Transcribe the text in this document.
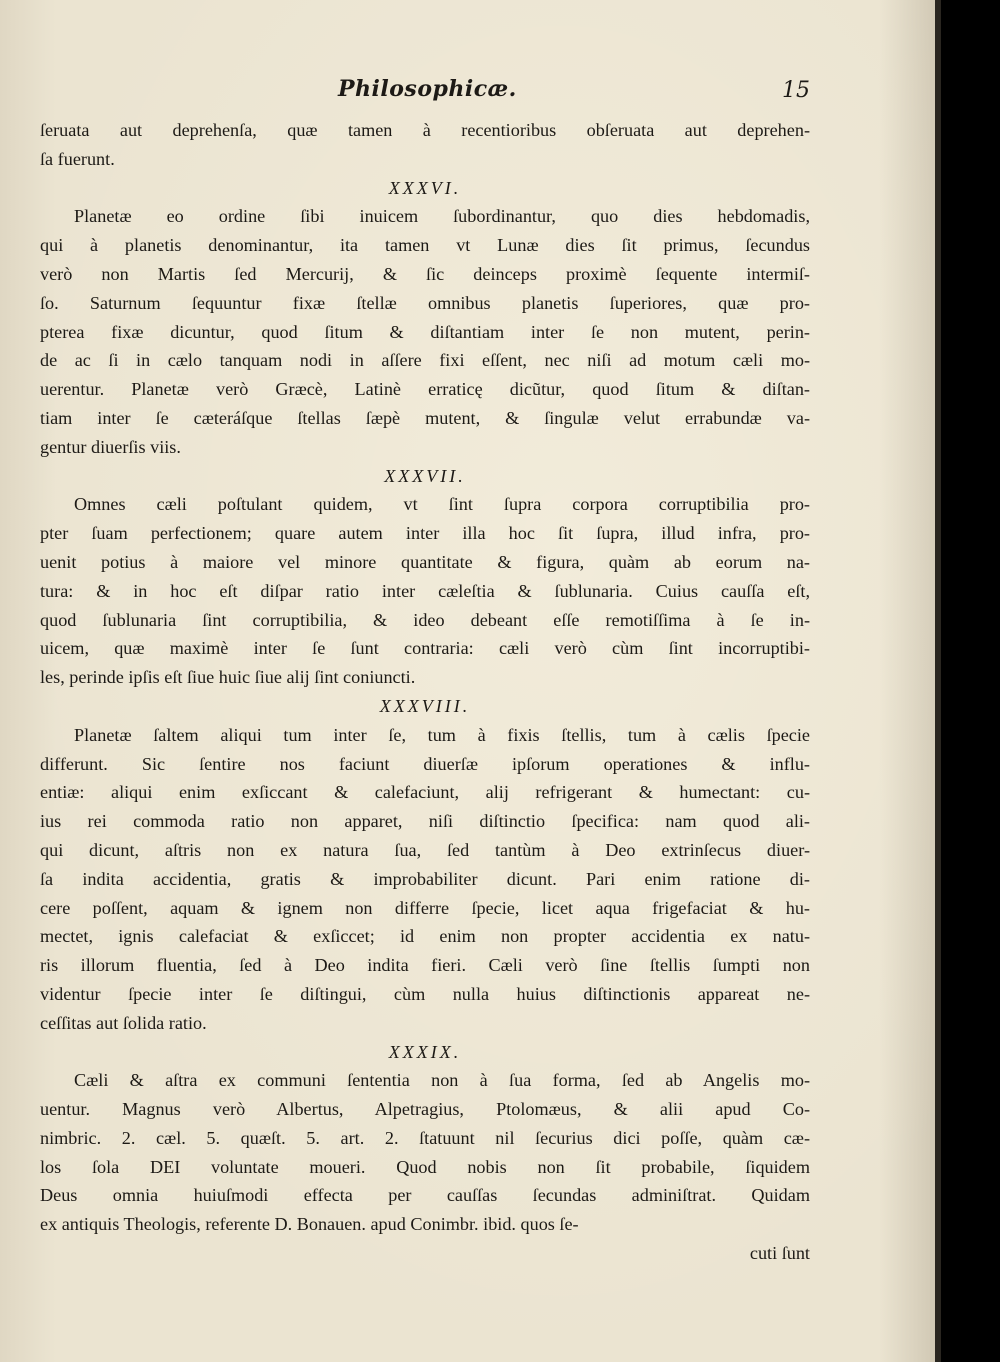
Philosophicæ.	15
ſeruata aut deprehenſa, quæ tamen à recentioribus obſeruata aut deprehen-
ſa fuerunt.
XXXVI.
Planetæ eo ordine ſibi inuicem ſubordinantur, quo dies hebdomadis,
qui à planetis denominantur, ita tamen vt Lunæ dies ſit primus, ſecundus
verò non Martis ſed Mercurij, & ſic deinceps proximè ſequente intermiſ-
ſo. Saturnum ſequuntur fixæ ſtellæ omnibus planetis ſuperiores, quæ pro-
pterea fixæ dicuntur, quod ſitum & diſtantiam inter ſe non mutent, perin-
de ac ſi in cælo tanquam nodi in aſſere fixi eſſent, nec niſi ad motum cæli mo-
uerentur. Planetæ verò Græcè, Latinè erraticę dicũtur, quod ſitum & diſtan-
tiam inter ſe cæteráſque ſtellas ſæpè mutent, & ſingulæ velut errabundæ va-
gentur diuerſis viis.
XXXVII.
Omnes cæli poſtulant quidem, vt ſint ſupra corpora corruptibilia pro-
pter ſuam perfectionem; quare autem inter illa hoc ſit ſupra, illud infra, pro-
uenit potius à maiore vel minore quantitate & figura, quàm ab eorum na-
tura: & in hoc eſt diſpar ratio inter cæleſtia & ſublunaria. Cuius cauſſa eſt,
quod ſublunaria ſint corruptibilia, & ideo debeant eſſe remotiſſima à ſe in-
uicem, quæ maximè inter ſe ſunt contraria: cæli verò cùm ſint incorruptibi-
les, perinde ipſis eſt ſiue huic ſiue alij ſint coniuncti.
XXXVIII.
Planetæ ſaltem aliqui tum inter ſe, tum à fixis ſtellis, tum à cælis ſpecie
differunt. Sic ſentire nos faciunt diuerſæ ipſorum operationes & influ-
entiæ: aliqui enim exſiccant & calefaciunt, alij refrigerant & humectant: cu-
ius rei commoda ratio non apparet, niſi diſtinctio ſpecifica: nam quod ali-
qui dicunt, aſtris non ex natura ſua, ſed tantùm à Deo extrinſecus diuer-
ſa indita accidentia, gratis & improbabiliter dicunt. Pari enim ratione di-
cere poſſent, aquam & ignem non differre ſpecie, licet aqua frigefaciat & hu-
mectet, ignis calefaciat & exſiccet; id enim non propter accidentia ex natu-
ris illorum fluentia, ſed à Deo indita fieri. Cæli verò ſine ſtellis ſumpti non
videntur ſpecie inter ſe diſtingui, cùm nulla huius diſtinctionis appareat ne-
ceſſitas aut ſolida ratio.
XXXIX.
Cæli & aſtra ex communi ſententia non à ſua forma, ſed ab Angelis mo-
uentur. Magnus verò Albertus, Alpetragius, Ptolomæus, & alii apud Co-
nimbric. 2. cæl. 5. quæſt. 5. art. 2. ſtatuunt nil ſecurius dici poſſe, quàm cæ-
los ſola DEI voluntate moueri. Quod nobis non ſit probabile, ſiquidem
Deus omnia huiuſmodi effecta per cauſſas ſecundas adminiſtrat. Quidam
ex antiquis Theologis, referente D. Bonauen. apud Conimbr. ibid. quos ſe-
cuti ſunt
